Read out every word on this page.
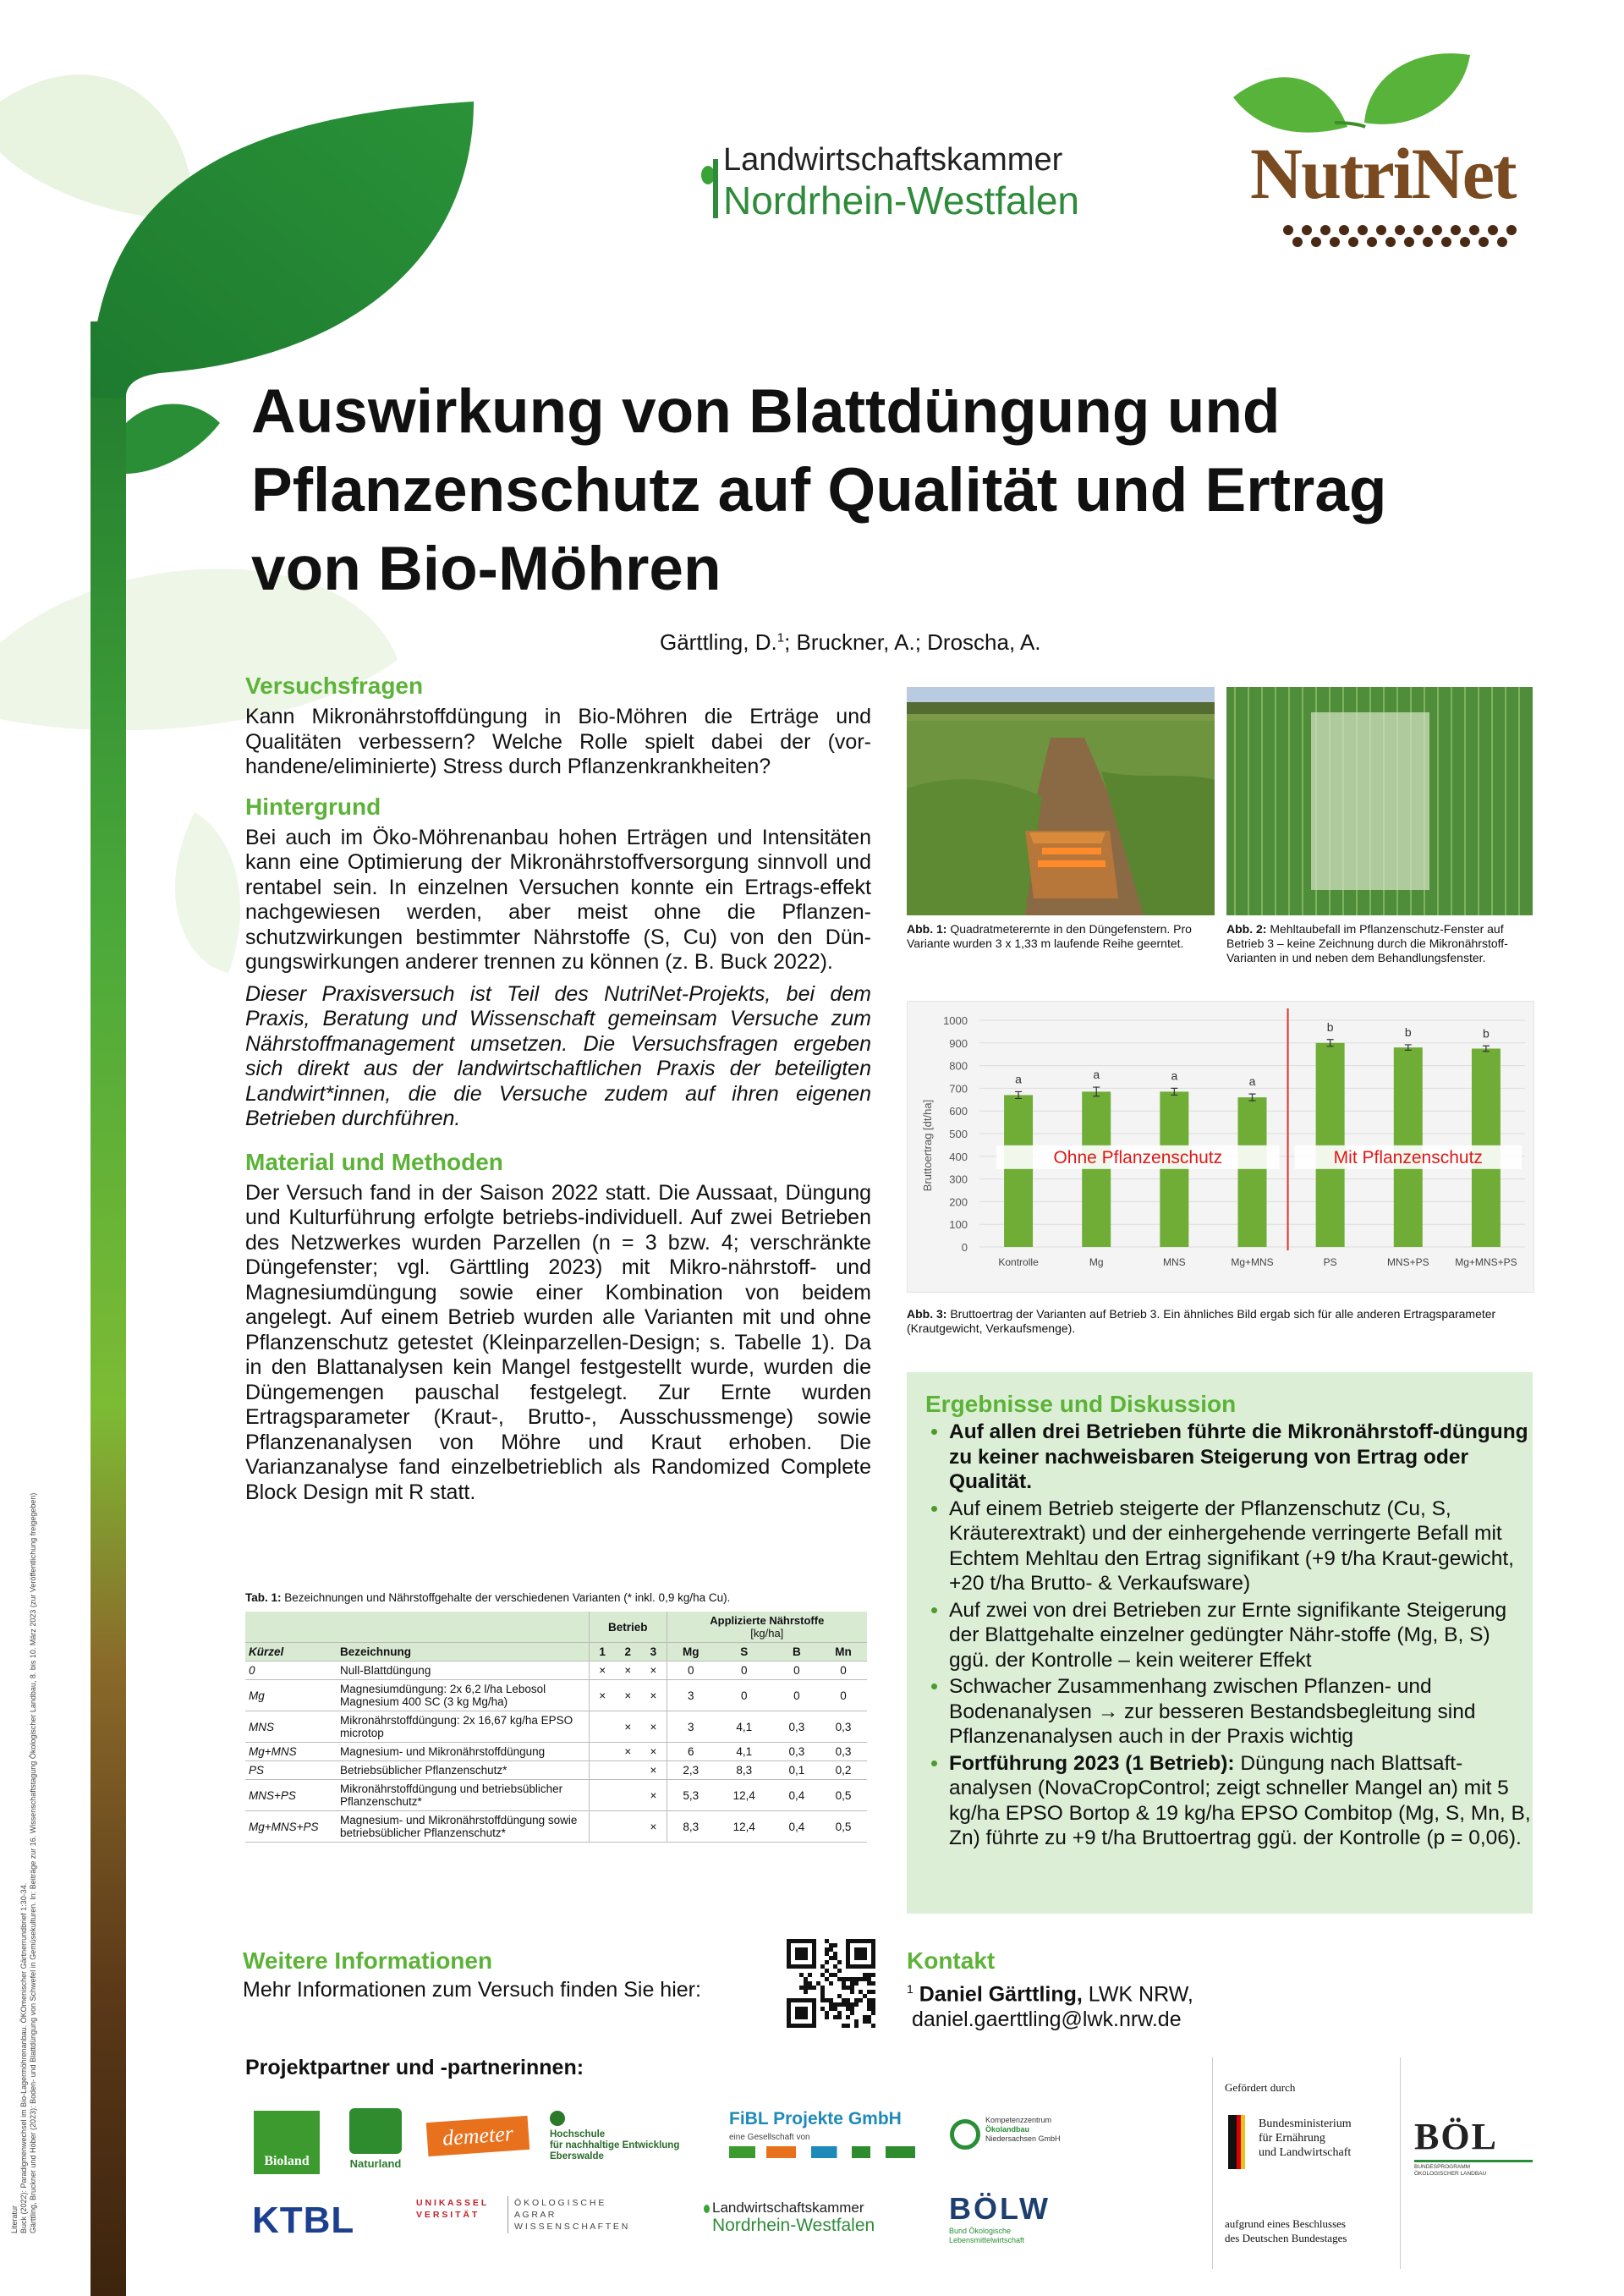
Landwirtschaftskammer
Nordrhein-Westfalen NutriNet
Auswirkung von Blattdüngung und
Pflanzenschutz auf Qualität und Ertrag
von Bio-Möhren
Gärttling, D.$^1$; Bruckner, A.; Droscha, A.
Versuchsfragen

Kann Mikronährstoffdüngung in Bio-Möhren die Erträge und Qualitäten verbessern? Welche Rolle spielt dabei der (vor-handene/eliminierte) Stress durch Pflanzenkrankheiten?

Hintergrund

Bei auch im Öko-Möhrenanbau hohen Erträgen und Intensitäten kann eine Optimierung der Mikronährstoffversorgung sinnvoll und rentabel sein. In einzelnen Versuchen konnte ein Ertrags-effekt nachgewiesen werden, aber meist ohne die Pflanzen-schutzwirkungen bestimmter Nährstoffe (S, Cu) von den Dün-gungswirkungen anderer trennen zu können (z. B. Buck 2022).

Dieser Praxisversuch ist Teil des NutriNet-Projekts, bei dem Praxis, Beratung und Wissenschaft gemeinsam Versuche zum Nährstoffmanagement umsetzen. Die Versuchsfragen ergeben sich direkt aus der landwirtschaftlichen Praxis der beteiligten Landwirt*innen, die die Versuche zudem auf ihren eigenen Betrieben durchführen.

Material und Methoden

Der Versuch fand in der Saison 2022 statt. Die Aussaat, Düngung und Kulturführung erfolgte betriebs-individuell. Auf zwei Betrieben des Netzwerkes wurden Parzellen (n = 3 bzw. 4; verschränkte Düngefenster; vgl. Gärttling 2023) mit Mikro-nährstoff- und Magnesiumdüngung sowie einer Kombination von beidem angelegt. Auf einem Betrieb wurden alle Varianten mit und ohne Pflanzenschutz getestet (Kleinparzellen-Design; s. Tabelle 1). Da in den Blattanalysen kein Mangel festgestellt wurde, wurden die Düngemengen pauschal festgelegt. Zur Ernte wurden Ertragsparameter (Kraut-, Brutto-, Ausschussmenge) sowie Pflanzenanalysen von Möhre und Kraut erhoben. Die Varianzanalyse fand einzelbetrieblich als Randomized Complete Block Design mit R statt.

Tab. 1: Bezeichnungen und Nährstoffgehalte der verschiedenen Varianten (* inkl. 0,9 kg/ha Cu).
		Betrieb			Applizierte Nährstoffe
[kg/ha]			
Kürzel	Bezeichnung	1	2	3	Mg	S	B	Mn
0	Null-Blattdüngung	×	×	×	0	0	0	0
Mg	Magnesiumdüngung: 2x 6,2 l/ha Lebosol Magnesium 400 SC (3 kg Mg/ha)	×	×	×	3	0	0	0
MNS	Mikronährstoffdüngung: 2x 16,67 kg/ha EPSO microtop		×	×	3	4,1	0,3	0,3
Mg+MNS	Magnesium- und Mikronährstoffdüngung		×	×	6	4,1	0,3	0,3
PS	Betriebsüblicher Pflanzenschutz*			×	2,3	8,3	0,1	0,2
MNS+PS	Mikronährstoffdüngung und betriebsüblicher Pflanzenschutz*			×	5,3	12,4	0,4	0,5
Mg+MNS+PS	Magnesium- und Mikronährstoffdüngung sowie betriebsüblicher Pflanzenschutz*			×	8,3	12,4	0,4	0,5
Abb. 1: Quadratmeterernte in den Düngefenstern. Pro Variante wurden 3 x 1,33 m laufende Reihe geerntet.
Abb. 2: Mehltaubefall im Pflanzenschutz-Fenster auf Betrieb 3 – keine Zeichnung durch die Mikronährstoff-Varianten in und neben dem Behandlungsfenster.
0
100
200
300
400
500
600
700
800
900
1000
a
Kontrolle
a
Mg
a
MNS
a
Mg+MNS
b
PS
b
MNS+PS
b
Mg+MNS+PS
Bruttoertrag [dt/ha]	Ohne Pflanzenschutz	Mit Pflanzenschutz
Abb. 3: Bruttoertrag der Varianten auf Betrieb 3. Ein ähnliches Bild ergab sich für alle anderen Ertragsparameter (Krautgewicht, Verkaufsmenge).
Ergebnisse und Diskussion
• Auf allen drei Betrieben führte die Mikronährstoff-düngung zu keiner nachweisbaren Steigerung von Ertrag oder Qualität.
• Auf einem Betrieb steigerte der Pflanzenschutz (Cu, S, Kräuterextrakt) und der einhergehende verringerte Befall mit Echtem Mehltau den Ertrag signifikant (+9 t/ha Kraut-gewicht, +20 t/ha Brutto- & Verkaufsware)
• Auf zwei von drei Betrieben zur Ernte signifikante Steigerung der Blattgehalte einzelner gedüngter Nähr-stoffe (Mg, B, S) ggü. der Kontrolle – kein weiterer Effekt
• Schwacher Zusammenhang zwischen Pflanzen- und Bodenanalysen → zur besseren Bestandsbegleitung sind Pflanzenanalysen auch in der Praxis wichtig
• Fortführung 2023 (1 Betrieb): Düngung nach Blattsaft-analysen (NovaCropControl; zeigt schneller Mangel an) mit 5 kg/ha EPSO Bortop & 19 kg/ha EPSO Combitop (Mg, S, Mn, B, Zn) führte zu +9 t/ha Bruttoertrag ggü. der Kontrolle (p = 0,06).
Weitere Informationen
Mehr Informationen zum Versuch finden Sie hier:
Kontakt
$^1$ Daniel Gärttling, LWK NRW,
daniel.gaerttling@lwk.nrw.de
Projektpartner und -partnerinnen:
Bioland	Naturland
demeter	Hochschule
für nachhaltige Entwicklung
Eberswalde
FiBL Projekte GmbH
eine Gesellschaft von
Kompetenzzentrum
Ökolandbau
Niedersachsen GmbH
KTBL	U N I K A S S E L
V E R S I T Ä T
Ö K O L O G I S C H E
A G R A R
W I S S E N S C H A F T E N
Landwirtschaftskammer
Nordrhein-Westfalen BÖLW
Bund Ökologische
Lebensmittelwirtschaft
Gefördert durch
Bundesministerium
für Ernährung
und Landwirtschaft
aufgrund eines Beschlusses
des Deutschen Bundestages
BÖL
BUNDESPROGRAMM
ÖKOLOGISCHER LANDBAU
Literatur Buck (2022): Paradigmenwechsel im Bio-Lagermöhrenanbau. ÖKOmenischer Gärtnerrundbrief 1:30-34. Gärttling, Bruckner und Höber (2023): Boden- und Blattdüngung von Schwefel in Gemüsekulturen. In: Beiträge zur 16. Wissenschaftstagung Ökologischer Landbau, 8. bis 10. März 2023 (zur Veröffentlichung freigegeben)
